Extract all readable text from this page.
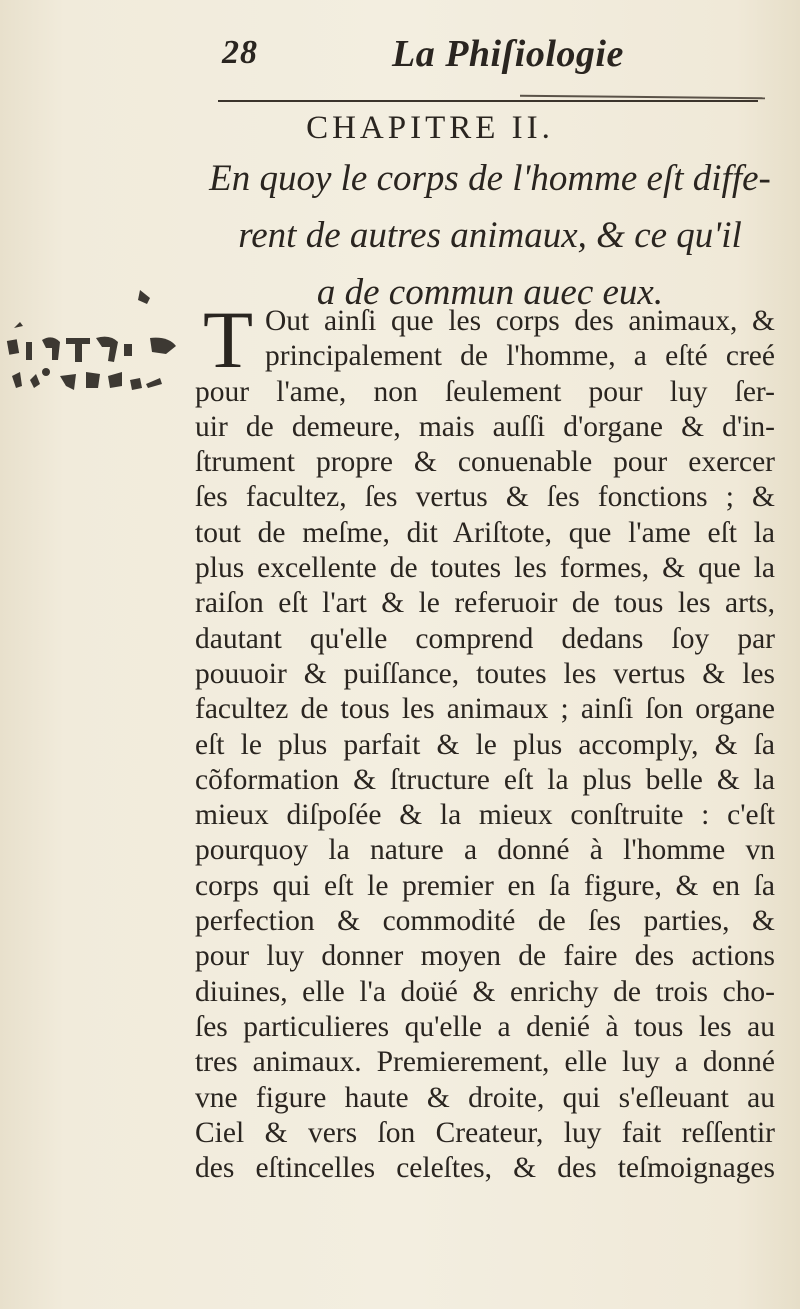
28	La Phiſiologie
CHAPITRE II.
En quoy le corps de l'homme eſt diffe-
rent de autres animaux, & ce qu'il
a de commun auec eux.
T Out ainſi que les corps des animaux, &
principalement de l'homme, a eſté creé
pour l'ame, non ſeulement pour luy ſer-
uir de demeure, mais auſſi d'organe & d'in-
ſtrument propre & conuenable pour exercer
ſes facultez, ſes vertus & ſes fonctions ; &
tout de meſme, dit Ariſtote, que l'ame eſt la
plus excellente de toutes les formes, & que la
raiſon eſt l'art & le referuoir de tous les arts,
dautant qu'elle comprend dedans ſoy par
pouuoir & puiſſance, toutes les vertus & les
facultez de tous les animaux ; ainſi ſon organe
eſt le plus parfait & le plus accomply, & ſa
cõformation & ſtructure eſt la plus belle & la
mieux diſpoſée & la mieux conſtruite : c'eſt
pourquoy la nature a donné à l'homme vn
corps qui eſt le premier en ſa figure, & en ſa
perfection & commodité de ſes parties, &
pour luy donner moyen de faire des actions
diuines, elle l'a doüé & enrichy de trois cho-
ſes particulieres qu'elle a denié à tous les au
tres animaux. Premierement, elle luy a donné
vne figure haute & droite, qui s'eſleuant au
Ciel & vers ſon Createur, luy fait reſſentir
des eſtincelles celeſtes, & des teſmoignages
